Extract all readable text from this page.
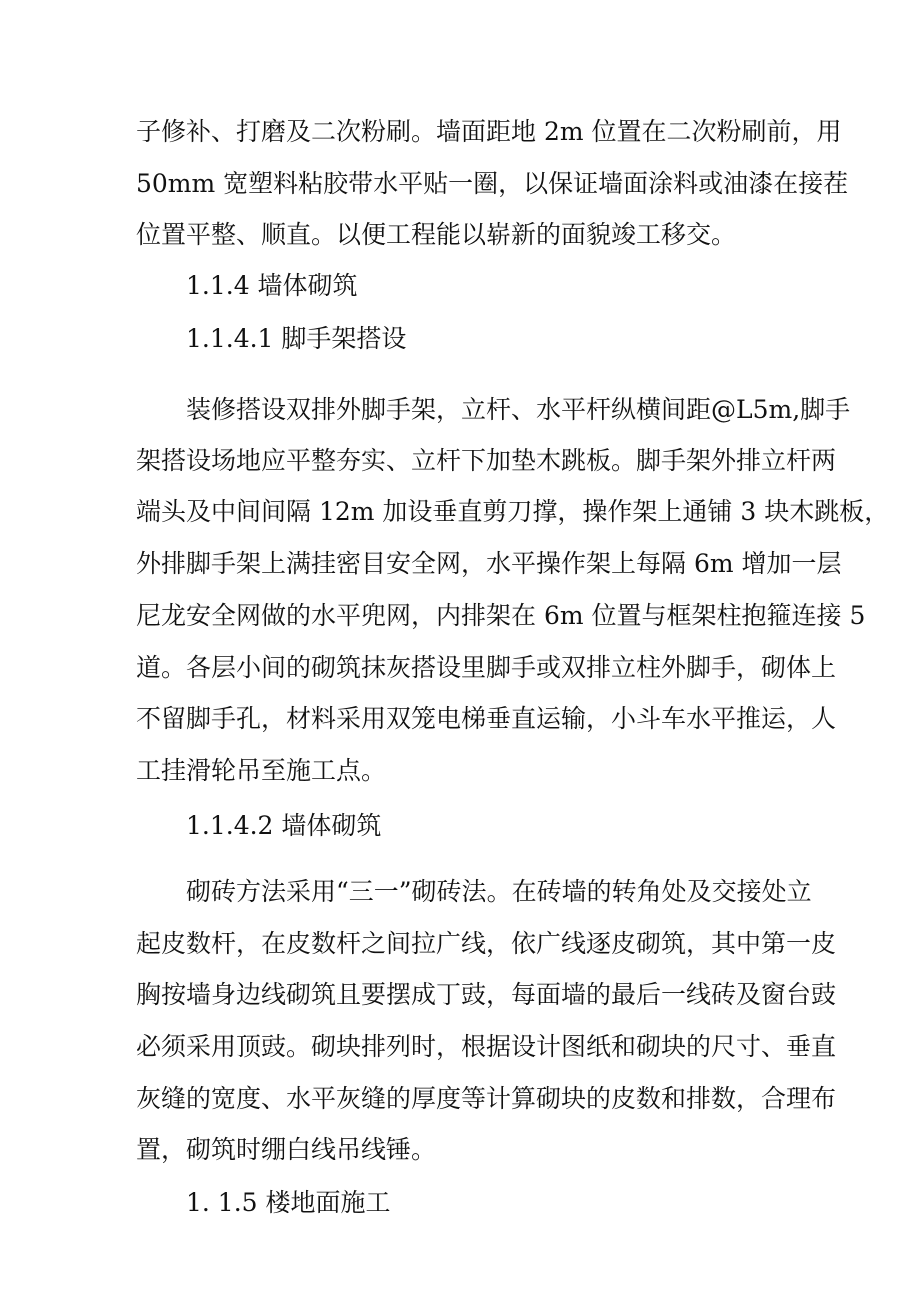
子修补、打磨及二次粉刷。墙面距地 2m 位置在二次粉刷前，用

50mm 宽塑料粘胶带水平贴一圈，以保证墙面涂料或油漆在接茬

位置平整、顺直。以便工程能以崭新的面貌竣工移交。

1.1.4 墙体砌筑
1.1.4.1 脚手架搭设

装修搭设双排外脚手架，立杆、水平杆纵横间距@L5m,脚手

架搭设场地应平整夯实、立杆下加垫木跳板。脚手架外排立杆两

端头及中间间隔 12m 加设垂直剪刀撑，操作架上通铺 3 块木跳板，

外排脚手架上满挂密目安全网，水平操作架上每隔 6m 增加一层

尼龙安全网做的水平兜网，内排架在 6m 位置与框架柱抱箍连接 5

道。各层小间的砌筑抹灰搭设里脚手或双排立柱外脚手，砌体上

不留脚手孔，材料采用双笼电梯垂直运输，小斗车水平推运，人

工挂滑轮吊至施工点。

1.1.4.2 墙体砌筑

砌砖方法采用“三一”砌砖法。在砖墙的转角处及交接处立

起皮数杆，在皮数杆之间拉广线，依广线逐皮砌筑，其中第一皮

胸按墙身边线砌筑且要摆成丁豉，每面墙的最后一线砖及窗台豉

必须采用顶豉。砌块排列时，根据设计图纸和砌块的尺寸、垂直

灰缝的宽度、水平灰缝的厚度等计算砌块的皮数和排数，合理布

置，砌筑时绷白线吊线锤。

1. 1.5 楼地面施工
